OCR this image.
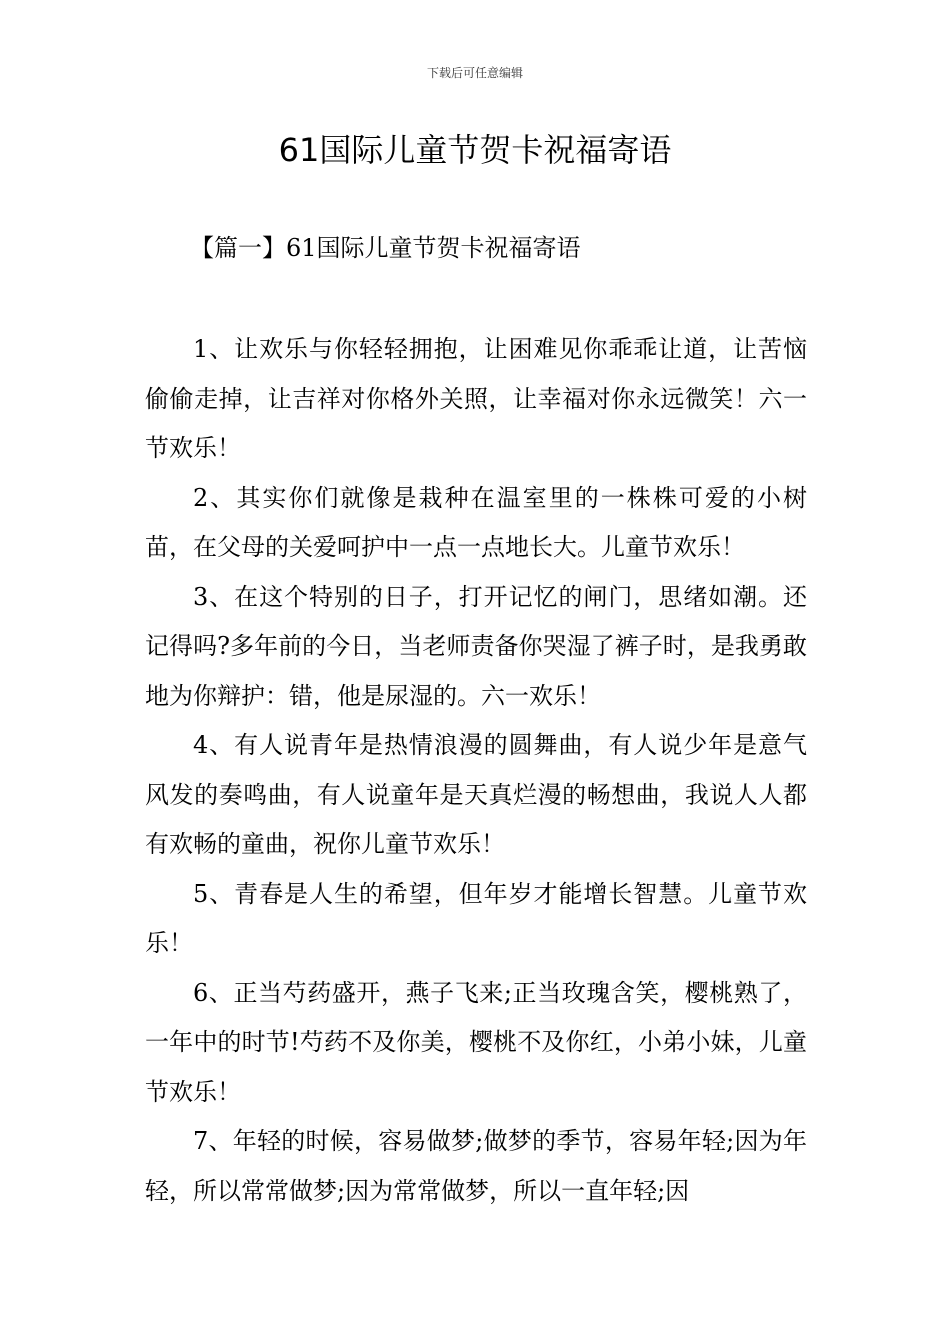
下载后可任意编辑
61国际儿童节贺卡祝福寄语
【篇一】61国际儿童节贺卡祝福寄语

1、让欢乐与你轻轻拥抱，让困难见你乖乖让道，让苦恼偷偷走掉，让吉祥对你格外关照，让幸福对你永远微笑！六一节欢乐！

2、其实你们就像是栽种在温室里的一株株可爱的小树苗，在父母的关爱呵护中一点一点地长大。儿童节欢乐！

3、在这个特别的日子，打开记忆的闸门，思绪如潮。还记得吗?多年前的今日，当老师责备你哭湿了裤子时，是我勇敢地为你辩护：错，他是尿湿的。六一欢乐！

4、有人说青年是热情浪漫的圆舞曲，有人说少年是意气风发的奏鸣曲，有人说童年是天真烂漫的畅想曲，我说人人都有欢畅的童曲，祝你儿童节欢乐！

5、青春是人生的希望，但年岁才能增长智慧。儿童节欢乐！

6、正当芍药盛开，燕子飞来;正当玫瑰含笑，樱桃熟了，一年中的时节!芍药不及你美，樱桃不及你红，小弟小妹，儿童节欢乐！

7、年轻的时候，容易做梦;做梦的季节，容易年轻;因为年轻，所以常常做梦;因为常常做梦，所以一直年轻;因
